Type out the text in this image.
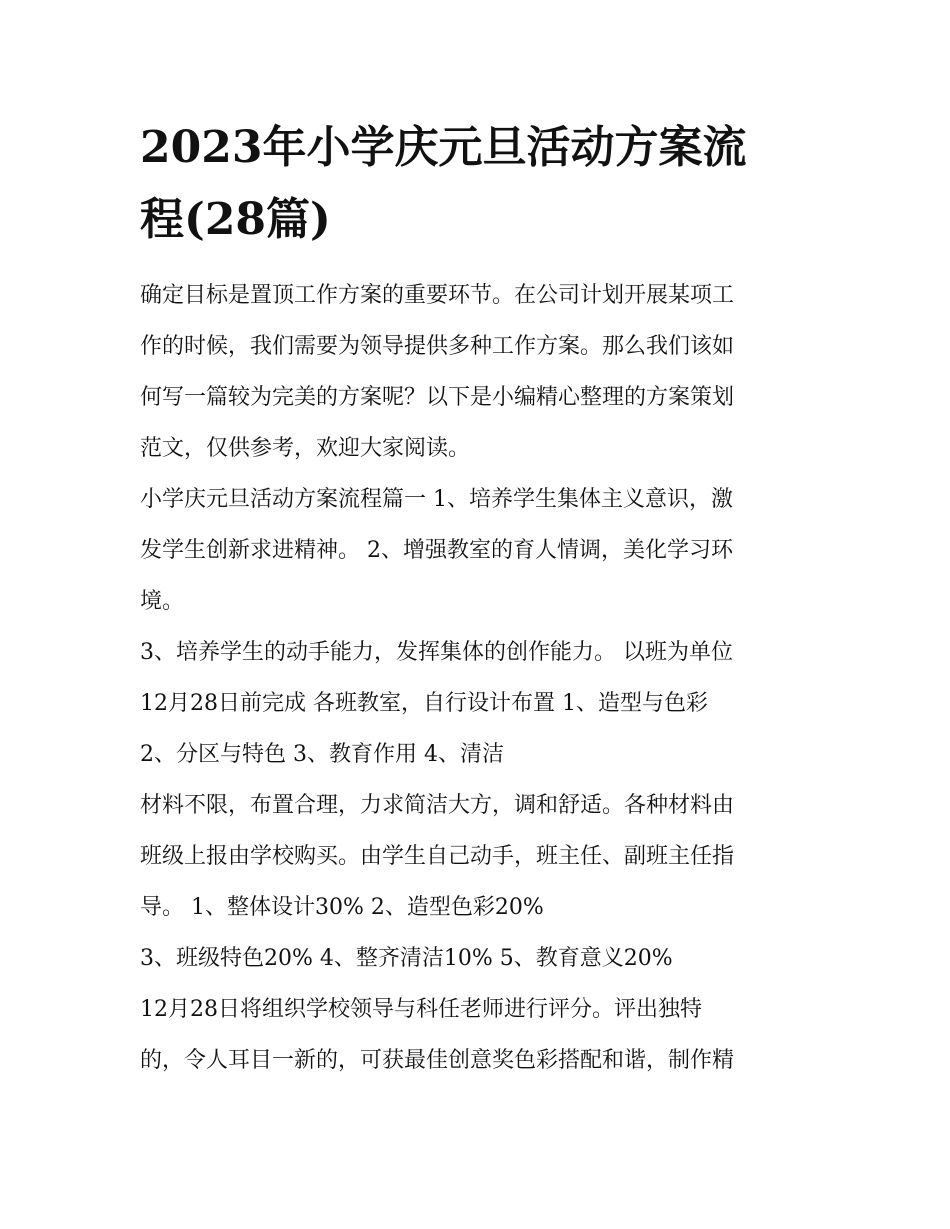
2023年小学庆元旦活动方案流
程(28篇)

确定目标是置顶工作方案的重要环节。在公司计划开展某项工
作的时候，我们需要为领导提供多种工作方案。那么我们该如
何写一篇较为完美的方案呢？以下是小编精心整理的方案策划
范文，仅供参考，欢迎大家阅读。

小学庆元旦活动方案流程篇一 1、培养学生集体主义意识，激
发学生创新求进精神。 2、增强教室的育人情调，美化学习环
境。

3、培养学生的动手能力，发挥集体的创作能力。 以班为单位
12月28日前完成 各班教室，自行设计布置 1、造型与色彩
2、分区与特色 3、教育作用 4、清洁

材料不限，布置合理，力求简洁大方，调和舒适。各种材料由
班级上报由学校购买。由学生自己动手，班主任、副班主任指
导。 1、整体设计30% 2、造型色彩20%

3、班级特色20% 4、整齐清洁10% 5、教育意义20%

12月28日将组织学校领导与科任老师进行评分。评出独特
的，令人耳目一新的，可获最佳创意奖色彩搭配和谐，制作精
